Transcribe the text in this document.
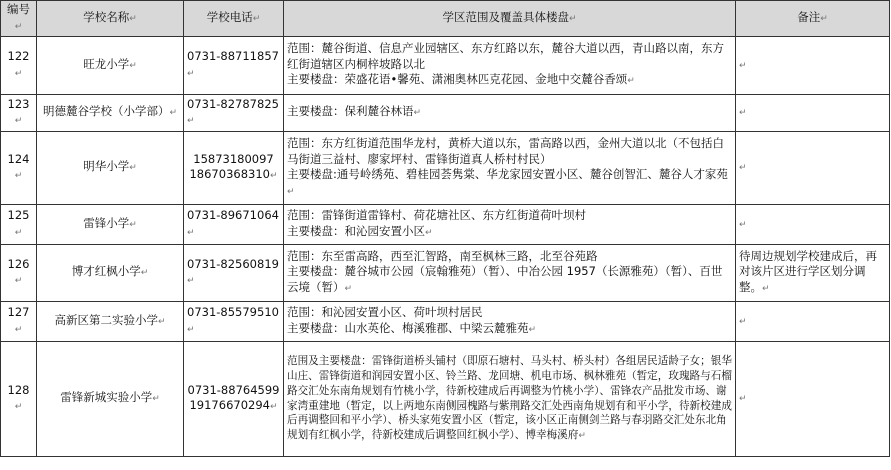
编号↵	学校名称↵	学校电话↵	学区范围及覆盖具体楼盘↵	备注↵
122↵	旺龙小学↵	0731-88711857↵	范围：麓谷街道、信息产业园辖区、东方红路以东，麓谷大道以西，青山路以南，东方红街道辖区内桐梓坡路以北
主要楼盘：荣盛花语•馨苑、潇湘奥林匹克花园、金地中交麓谷香颂↵	↵
123↵	明德麓谷学校（小学部）↵	0731-82787825↵	主要楼盘：保利麓谷林语↵	↵
124↵	明华小学↵	15873180097
18670368310↵	范围：东方红街道范围华龙村，黄桥大道以东，雷高路以西，金州大道以北（不包括白马街道三益村、廖家坪村、雷锋街道真人桥村村民）
主要楼盘:通号岭绣苑、碧桂园荟隽棠、华龙家园安置小区、麓谷创智汇、麓谷人才家苑↵	↵
125↵	雷锋小学↵	0731-89671064↵	范围：雷锋街道雷锋村、荷花塘社区、东方红街道荷叶坝村
主要楼盘：和沁园安置小区↵	↵
126↵	博才红枫小学↵	0731-82560819↵	范围：东至雷高路，西至汇智路，南至枫林三路，北至谷苑路
主要楼盘：麓谷城市公园（宸翰雅苑）（暂）、中冶公园 1957（长源雅苑）（暂）、百世云境（暂）↵	待周边规划学校建成后，再对该片区进行学区划分调整。↵
127↵	高新区第二实验小学↵	0731-85579510↵	范围：和沁园安置小区、荷叶坝村居民
主要楼盘：山水英伦、梅溪雅郡、中梁云麓雅苑↵	↵
128↵	雷锋新城实验小学↵	0731-88764599
19176670294↵	范围及主要楼盘：雷锋街道桥头铺村（即原石塘村、马头村、桥头村）各组居民适龄子女；银华山庄、雷锋街道和润园安置小区、铃兰路、龙回塘、机电市场、枫林雅苑（暂定，玫瑰路与石榴路交汇处东南角规划有竹桃小学，待新校建成后再调整为竹桃小学）、雷锋农产品批发市场、谢家湾重建地（暂定，以上两地东南侧园槐路与紫荆路交汇处西南角规划有和平小学，待新校建成后再调整回和平小学）、桥头家苑安置小区（暂定，该小区正南侧剑兰路与春羽路交汇处东北角规划有红枫小学，待新校建成后调整回红枫小学）、博幸梅溪府↵	↵
